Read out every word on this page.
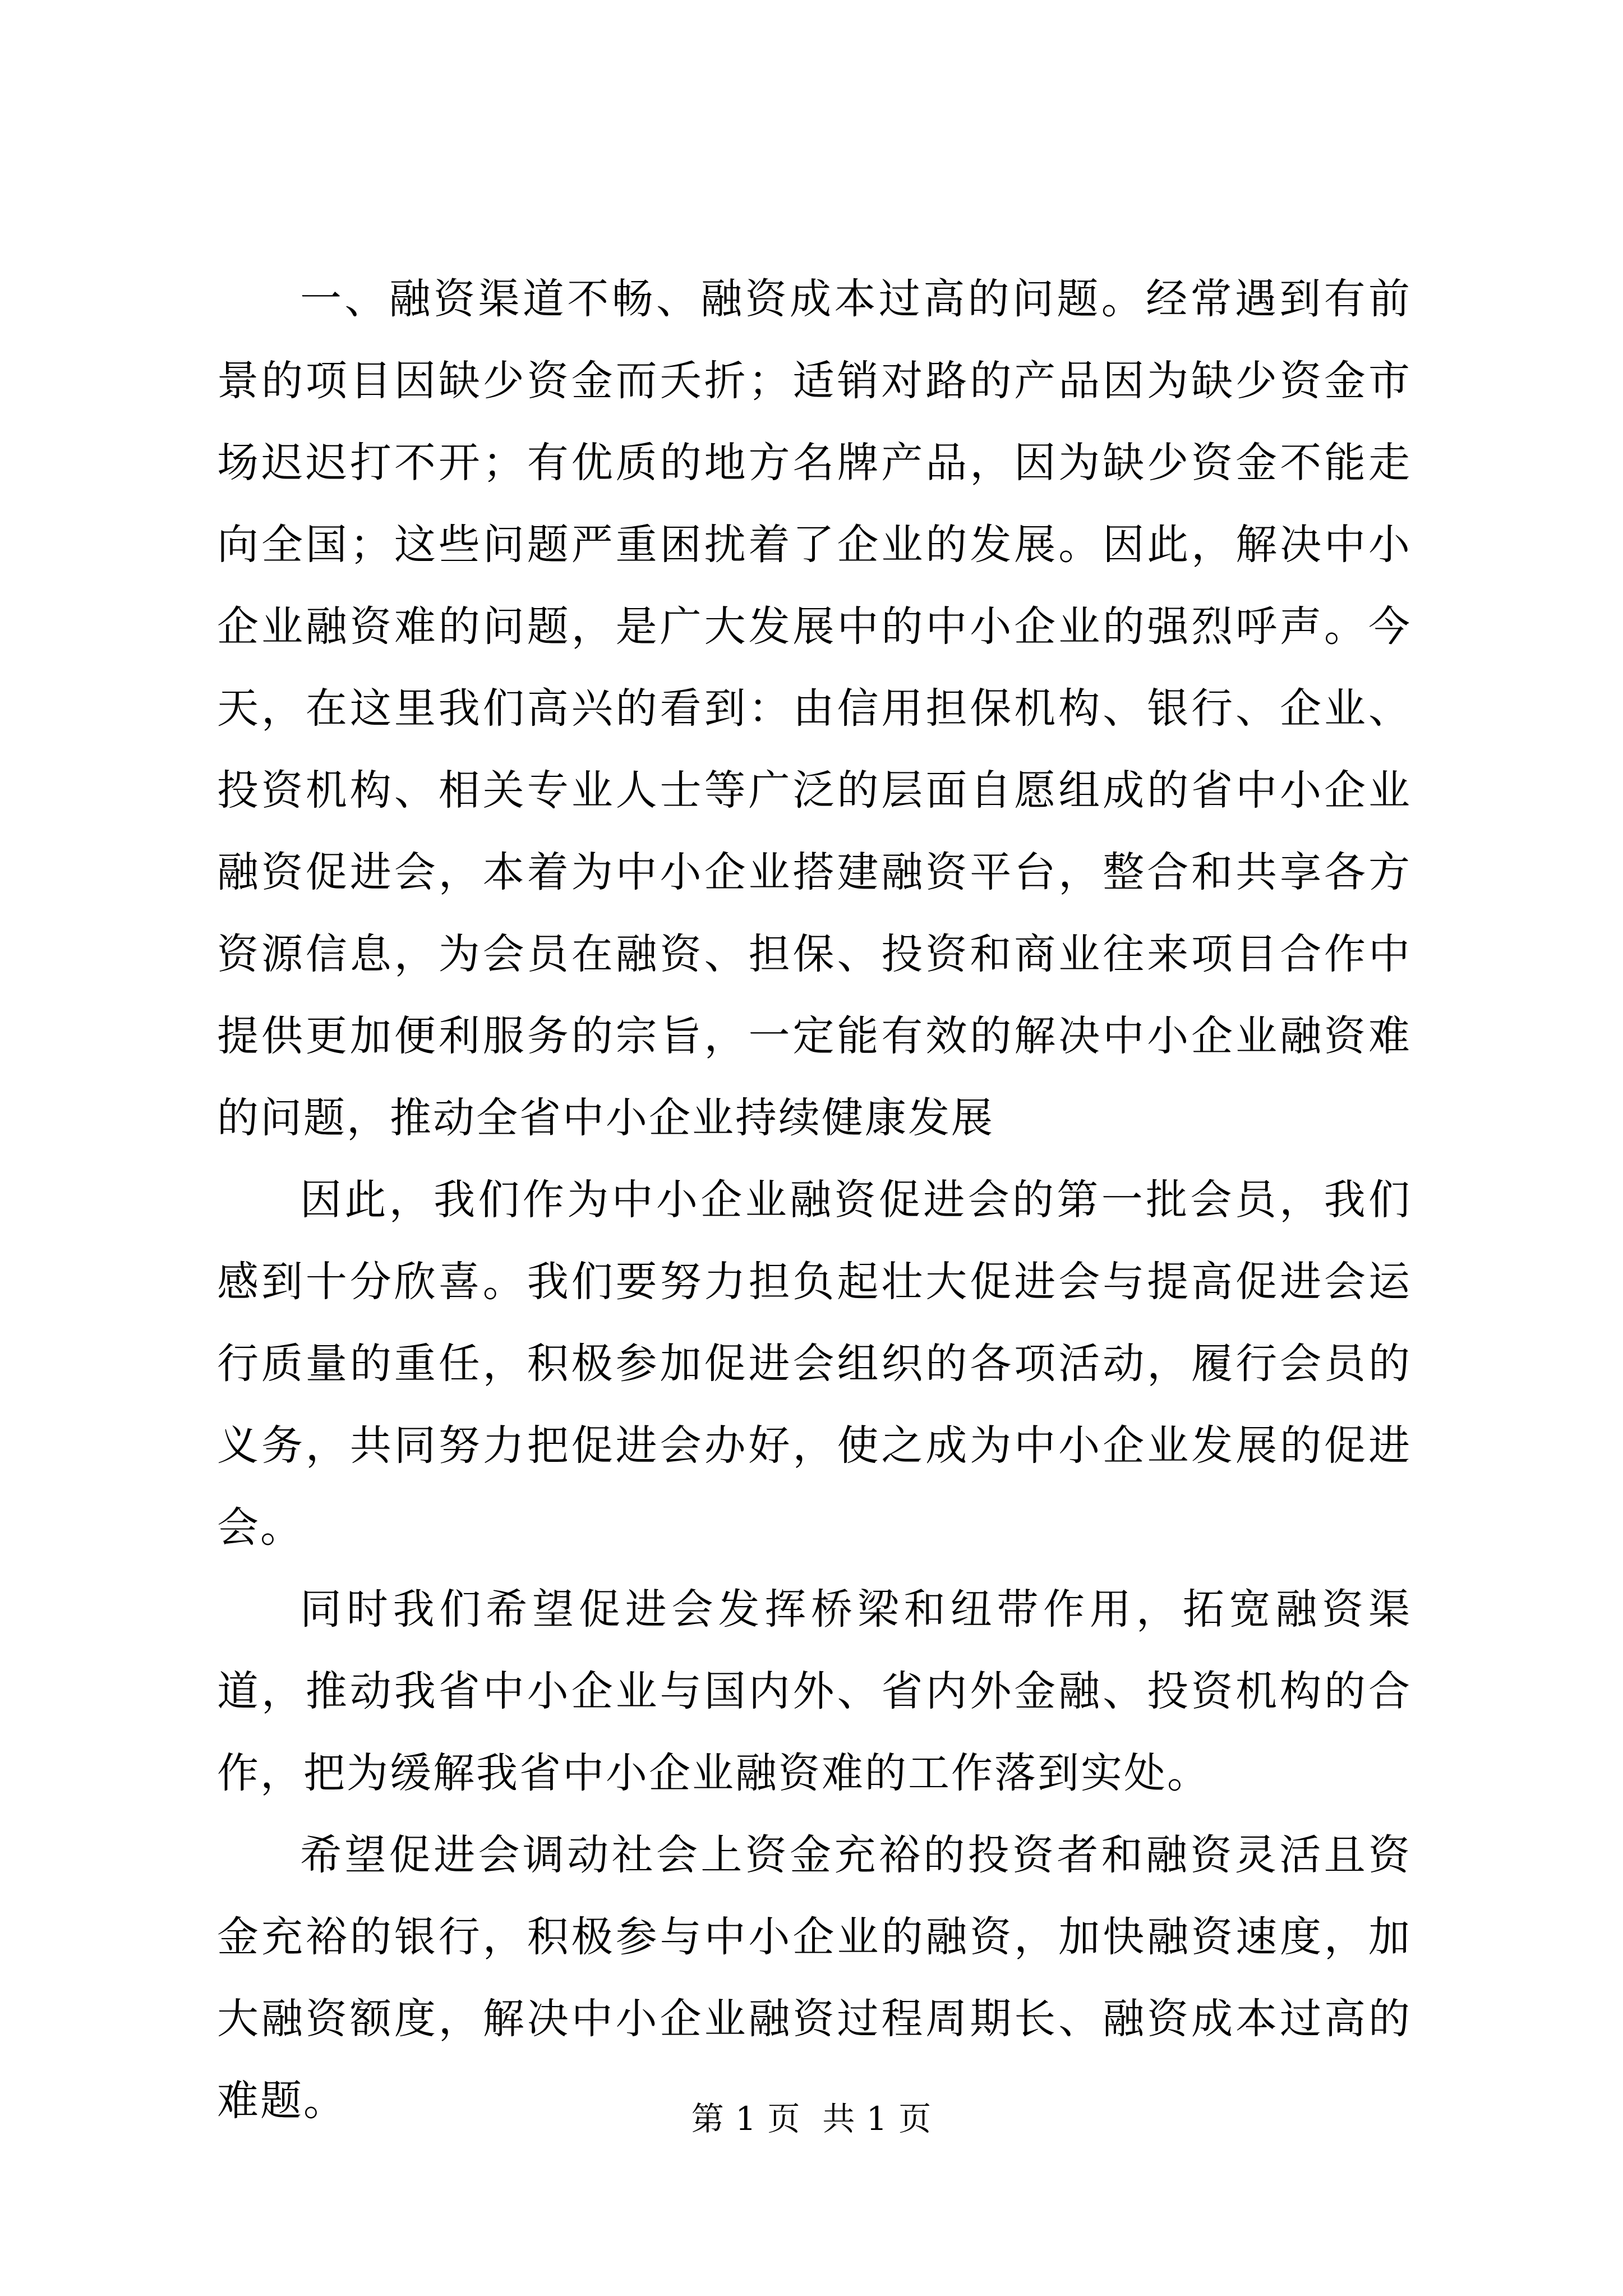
一、融资渠道不畅、融资成本过高的问题。经常遇到有前景的项目因缺少资金而夭折；适销对路的产品因为缺少资金市场迟迟打不开；有优质的地方名牌产品，因为缺少资金不能走向全国；这些问题严重困扰着了企业的发展。因此，解决中小企业融资难的问题，是广大发展中的中小企业的强烈呼声。今天，在这里我们高兴的看到：由信用担保机构、银行、企业、投资机构、相关专业人士等广泛的层面自愿组成的省中小企业融资促进会，本着为中小企业搭建融资平台，整合和共享各方资源信息，为会员在融资、担保、投资和商业往来项目合作中提供更加便利服务的宗旨，一定能有效的解决中小企业融资难的问题，推动全省中小企业持续健康发展

因此，我们作为中小企业融资促进会的第一批会员，我们感到十分欣喜。我们要努力担负起壮大促进会与提高促进会运行质量的重任，积极参加促进会组织的各项活动，履行会员的义务，共同努力把促进会办好，使之成为中小企业发展的促进会。

同时我们希望促进会发挥桥梁和纽带作用，拓宽融资渠道，推动我省中小企业与国内外、省内外金融、投资机构的合作，把为缓解我省中小企业融资难的工作落到实处。

希望促进会调动社会上资金充裕的投资者和融资灵活且资金充裕的银行，积极参与中小企业的融资，加快融资速度，加大融资额度，解决中小企业融资过程周期长、融资成本过高的难题。	第 1 页  共 1 页
